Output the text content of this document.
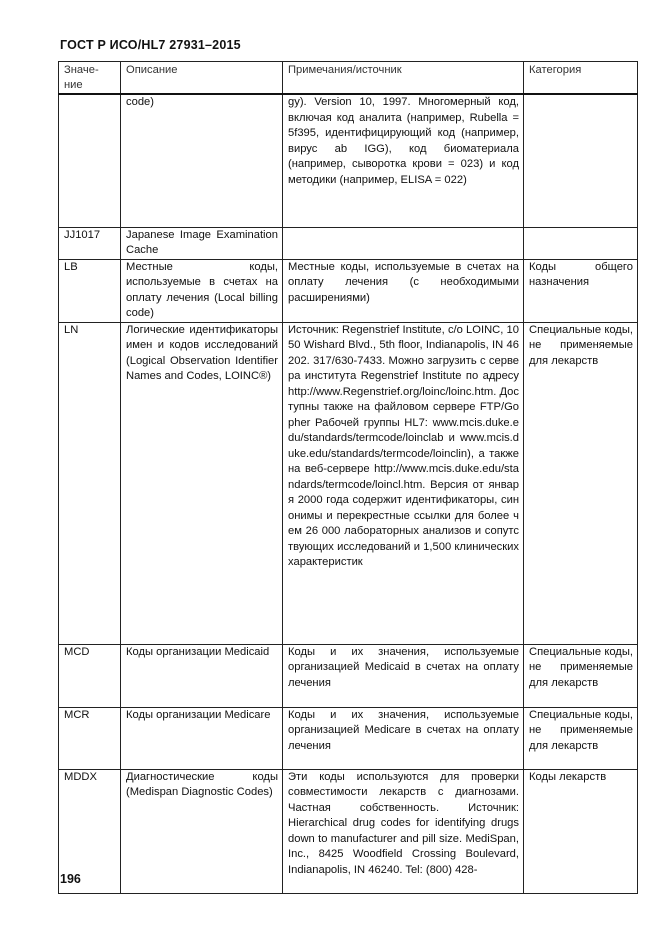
ГОСТ Р ИСО/HL7 27931–2015
Значе-
ние	Описание	Примечания/источник	Категория
	code)	gy). Version 10, 1997. Многомерный код, включая код аналита (например, Rubella = 5f395, идентифицирующий код (например, вирус ab IGG), код биоматериала (например, сыворотка крови = 023) и код методики (например, ELISA = 022)	
JJ1017	Japanese Image Examination Cache		
LB	Местные коды, используемые в счетах на оплату лечения (Local billing code)	Местные коды, используемые в счетах на оплату лечения (с необходимыми расширениями)	Коды общего назначения
LN	Логические идентификаторы имен и кодов исследований (Logical Observation Identifier Names and Codes, LOINC®)	Источник: Regenstrief Institute, c/o LOINC, 1050 Wishard Blvd., 5th floor, Indianapolis, IN 46202. 317/630-7433. Можно загрузить с сервера института Regenstrief Institute по адресу http://www.Regenstrief.org/loinc/loinc.htm. Доступны также на файловом сервере FTP/Gopher Рабочей группы HL7: www.mcis.duke.edu/standards/termcode/loinclab и www.mcis.duke.edu/standards/termcode/loinclin), а также на веб-сервере http://www.mcis.duke.edu/standards/termcode/loincl.htm. Версия от января 2000 года содержит идентификаторы, синонимы и перекрестные ссылки для более чем 26 000 лабораторных анализов и сопутствующих исследований и 1,500 клинических характеристик	Специальные коды, не применяемые для лекарств
MCD	Коды организации Medicaid	Коды и их значения, используемые организацией Medicaid в счетах на оплату лечения	Специальные коды, не применяемые для лекарств
MCR	Коды организации Medicare	Коды и их значения, используемые организацией Medicare в счетах на оплату лечения	Специальные коды, не применяемые для лекарств
MDDX	Диагностические коды (Medispan Diagnostic Codes)	Эти коды используются для проверки совместимости лекарств с диагнозами. Частная собственность. Источник: Hierarchical drug codes for identifying drugs down to manufacturer and pill size. MediSpan, Inc., 8425 Woodfield Crossing Boulevard, Indianapolis, IN 46240. Tel: (800) 428-	Коды лекарств
196
